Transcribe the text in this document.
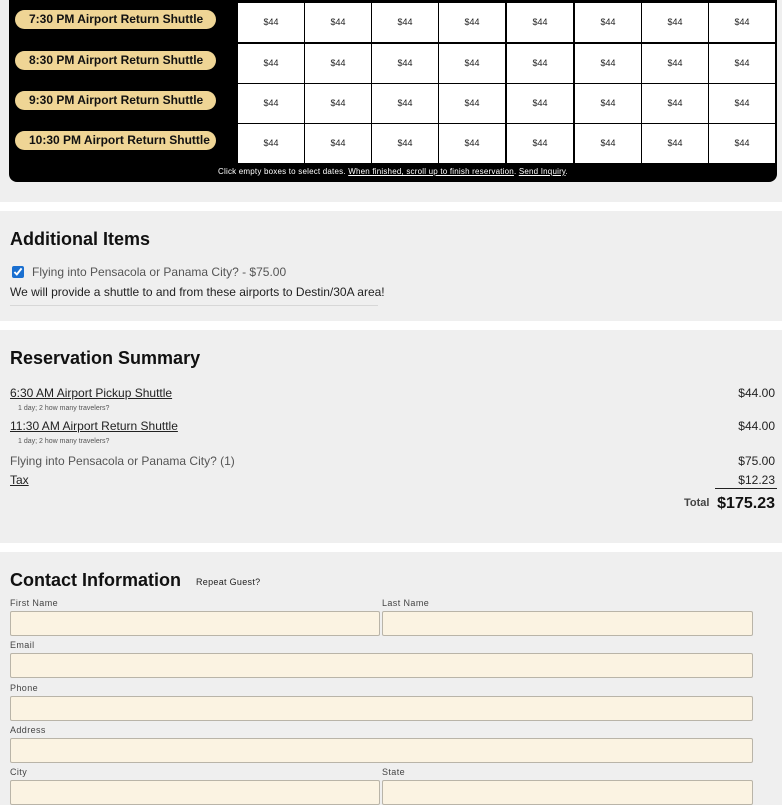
7:30 PM Airport Return Shuttle	$44	$44	$44	$44	$44	$44	$44	$44
8:30 PM Airport Return Shuttle	$44	$44	$44	$44	$44	$44	$44	$44
9:30 PM Airport Return Shuttle	$44	$44	$44	$44	$44	$44	$44	$44
10:30 PM Airport Return Shuttle	$44	$44	$44	$44	$44	$44	$44	$44
Click empty boxes to select dates. When finished, scroll up to finish reservation. Send Inquiry.
Additional Items
Flying into Pensacola or Panama City? - $75.00
We will provide a shuttle to and from these airports to Destin/30A area!
Reservation Summary
6:30 AM Airport Pickup Shuttle
1 day; 2 how many travelers?
$44.00
11:30 AM Airport Return Shuttle
1 day; 2 how many travelers?
$44.00
Flying into Pensacola or Panama City? (1)	$75.00
Tax	$12.23
Total $175.23
Contact Information Repeat Guest?
First Name	Last Name
Email
Phone
Address
City	State
